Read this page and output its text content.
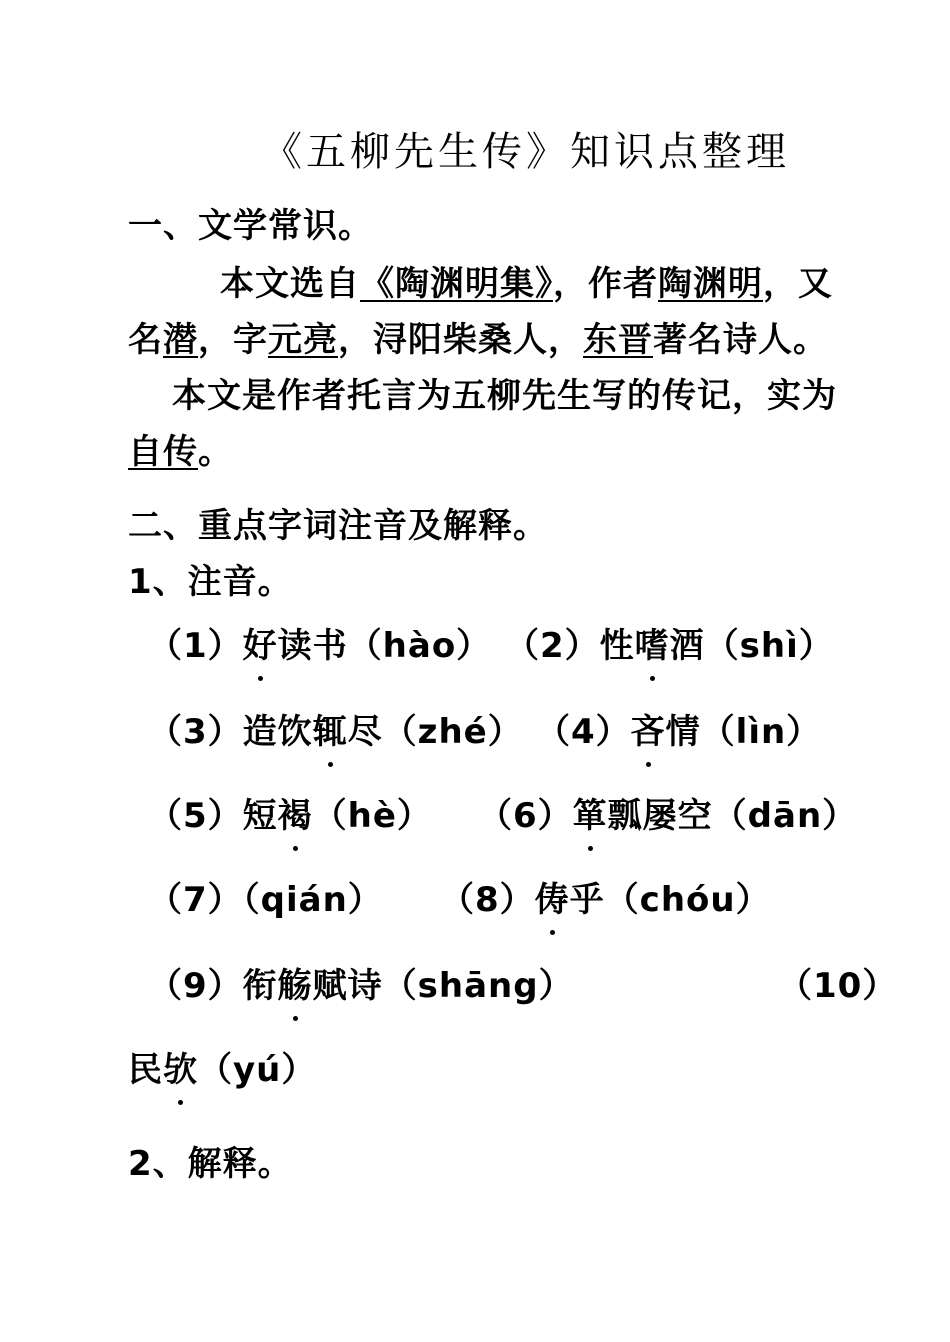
《五柳先生传》知识点整理
一、文学常识。
本文选自《陶渊明集》，作者陶渊明，又
名潜，字元亮，浔阳柴桑人，东晋著名诗人。
本文是作者托言为五柳先生写的传记，实为
自传。
二、重点字词注音及解释。
1、注音。
（1）好读书（hào） （2）性嗜酒（shì）
（3）造饮辄尽（zhé） （4）吝情（lìn）
（5）短褐（hè） （6）箪瓢屡空（dān）
（7）（qián） （8）俦乎（chóu）
（9）衔觞赋诗（shāng）	（10）
民欤（yú）
2、解释。
